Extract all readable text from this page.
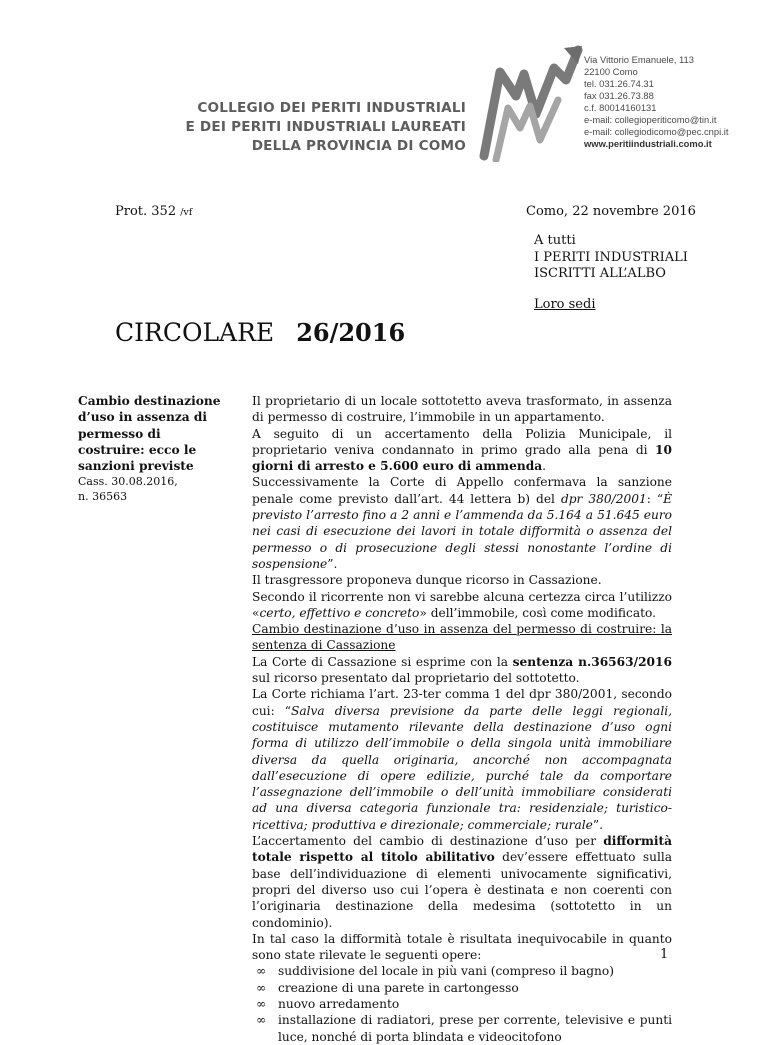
COLLEGIO DEI PERITI INDUSTRIALI
E DEI PERITI INDUSTRIALI LAUREATI
DELLA PROVINCIA DI COMO
Via Vittorio Emanuele, 113
22100 Como
tel. 031.26.74.31
fax 031.26.73.88
c.f. 80014160131
e-mail: collegioperiticomo@tin.it
e-mail: collegiodicomo@pec.cnpi.it
www.peritiindustriali.como.it
Prot. 352 /vf	Como, 22 novembre 2016
A tutti
I PERITI INDUSTRIALI
ISCRITTI ALL’ALBO
Loro sedi
CIRCOLARE 26/2016
Cambio destinazione
d’uso in assenza di
permesso di
costruire: ecco le
sanzioni previste
Cass. 30.08.2016,
n. 36563

Il proprietario di un locale sottotetto aveva trasformato, in assenza di permesso di costruire, l’immobile in un appartamento.

A seguito di un accertamento della Polizia Municipale, il proprietario veniva condannato in primo grado alla pena di 10 giorni di arresto e 5.600 euro di ammenda.

Successivamente la Corte di Appello confermava la sanzione penale come previsto dall’art. 44 lettera b) del dpr 380/2001: “È previsto l’arresto fino a 2 anni e l’ammenda da 5.164 a 51.645 euro nei casi di esecuzione dei lavori in totale difformità o assenza del permesso o di prosecuzione degli stessi nonostante l’ordine di sospensione”.

Il trasgressore proponeva dunque ricorso in Cassazione.

Secondo il ricorrente non vi sarebbe alcuna certezza circa l’utilizzo «certo, effettivo e concreto» dell’immobile, così come modificato.

Cambio destinazione d’uso in assenza del permesso di costruire: la sentenza di Cassazione

La Corte di Cassazione si esprime con la sentenza n.36563/2016 sul ricorso presentato dal proprietario del sottotetto.

La Corte richiama l’art. 23-ter comma 1 del dpr 380/2001, secondo cui: “Salva diversa previsione da parte delle leggi regionali, costituisce mutamento rilevante della destinazione d’uso ogni forma di utilizzo dell’immobile o della singola unità immobiliare diversa da quella originaria, ancorché non accompagnata dall’esecuzione di opere edilizie, purché tale da comportare l’assegnazione dell’immobile o dell’unità immobiliare considerati ad una diversa categoria funzionale tra: residenziale; turistico-ricettiva; produttiva e direzionale; commerciale; rurale”.

L’accertamento del cambio di destinazione d’uso per difformità totale rispetto al titolo abilitativo dev’essere effettuato sulla base dell’individuazione di elementi univocamente significativi, propri del diverso uso cui l’opera è destinata e non coerenti con l’originaria destinazione della medesima (sottotetto in un condominio).

In tal caso la difformità totale è risultata inequivocabile in quanto sono state rilevate le seguenti opere:

∞ suddivisione del locale in più vani (compreso il bagno)
∞ creazione di una parete in cartongesso
∞ nuovo arredamento
∞ installazione di radiatori, prese per corrente, televisive e punti luce, nonché di porta blindata e videocitofono
1
